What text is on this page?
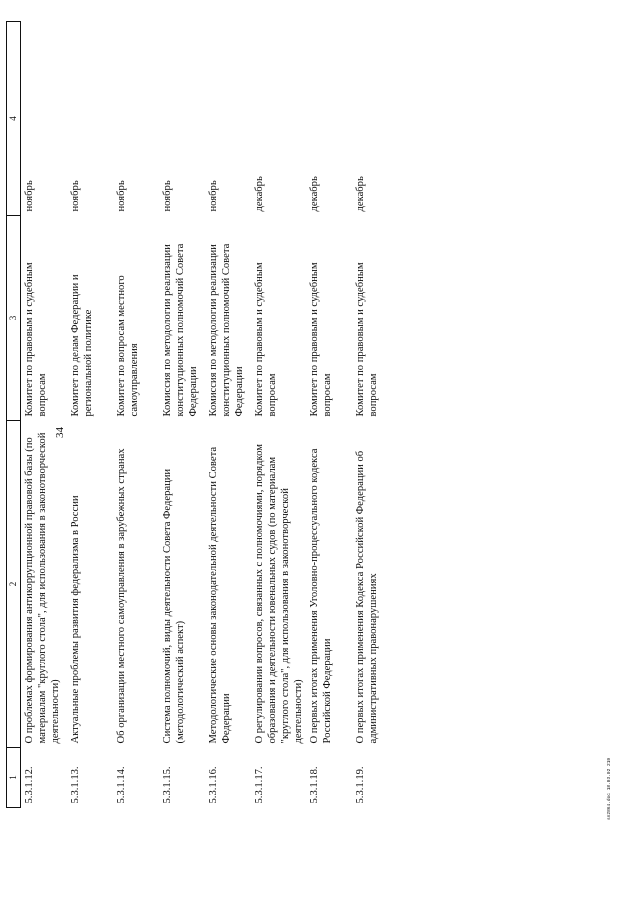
34
1	2	3	4
5.3.1.12.	О проблемах формирования антикоррупционной правовой базы (по материалам "круглого стола", для использования в законотворческой деятельности)	Комитет по правовым и судебным вопросам	ноябрь
5.3.1.13.	Актуальные проблемы развития федерализма в России	Комитет по делам Федерации и региональной политике	ноябрь
5.3.1.14.	Об организации местного самоуправления в зарубежных странах	Комитет по вопросам местного самоуправления	ноябрь
5.3.1.15.	Система полномочий, виды деятельности Совета Федерации (методологический аспект)	Комиссия по методологии реализации конституционных полномочий Совета Федерации	ноябрь
5.3.1.16.	Методологические основы законодательной деятельности Совета Федерации	Комиссия по методологии реализации конституционных полномочий Совета Федерации	ноябрь
5.3.1.17.	О регулировании вопросов, связанных с полномочиями, порядком образования и деятельности ювенальных судов (по материалам "круглого стола", для использования в законотворческой деятельности)	Комитет по правовым и судебным вопросам	декабрь
5.3.1.18.	О первых итогах применения Уголовно-процессуального кодекса Российской Федерации	Комитет по правовым и судебным вопросам	декабрь
5.3.1.19.	О первых итогах применения Кодекса Российской Федерации об административных правонарушениях	Комитет по правовым и судебным вопросам	декабрь
sn2864.doc 18.03.02 219
